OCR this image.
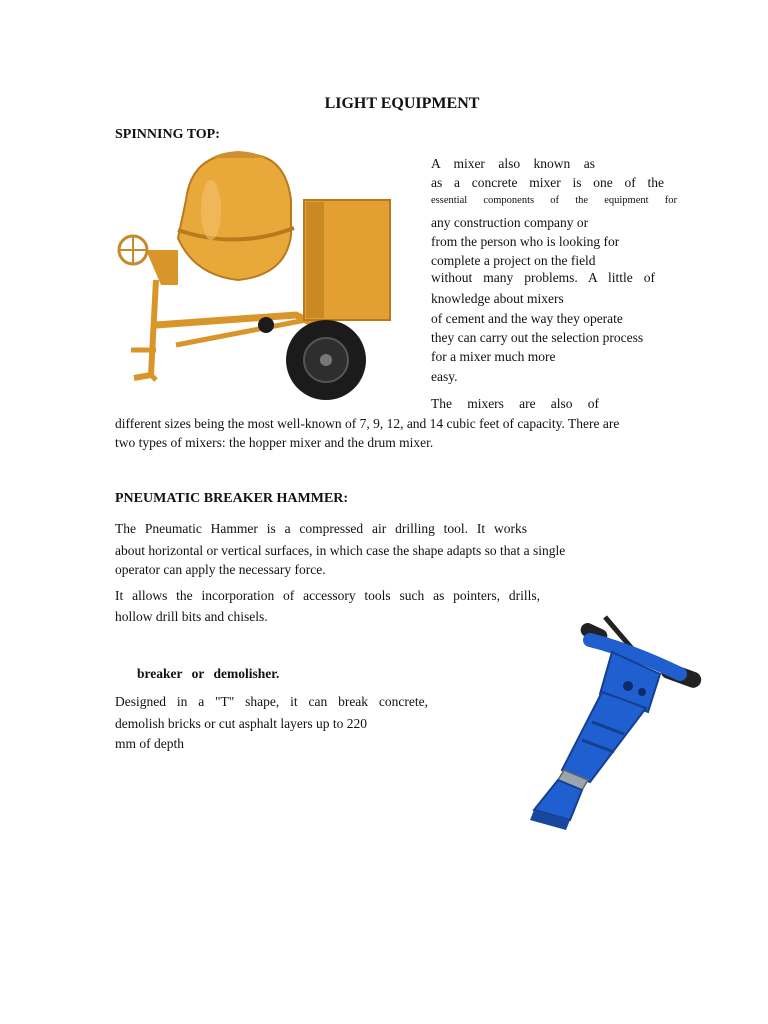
LIGHT EQUIPMENT
SPINNING TOP:
A mixer also known as
as a concrete mixer is one of the
essential components of the equipment for
any construction company or
from the person who is looking for
complete a project on the field
without many problems. A little of
knowledge about mixers
of cement and the way they operate
they can carry out the selection process
for a mixer much more
easy.
The mixers are also of
different sizes being the most well-known of 7, 9, 12, and 14 cubic feet of capacity. There are
two types of mixers: the hopper mixer and the drum mixer.
PNEUMATIC BREAKER HAMMER:
The Pneumatic Hammer is a compressed air drilling tool. It works
about horizontal or vertical surfaces, in which case the shape adapts so that a single
operator can apply the necessary force.
It allows the incorporation of accessory tools such as pointers, drills,
hollow drill bits and chisels.
breaker or demolisher.
Designed in a "T" shape, it can break concrete,
demolish bricks or cut asphalt layers up to 220
mm of depth
